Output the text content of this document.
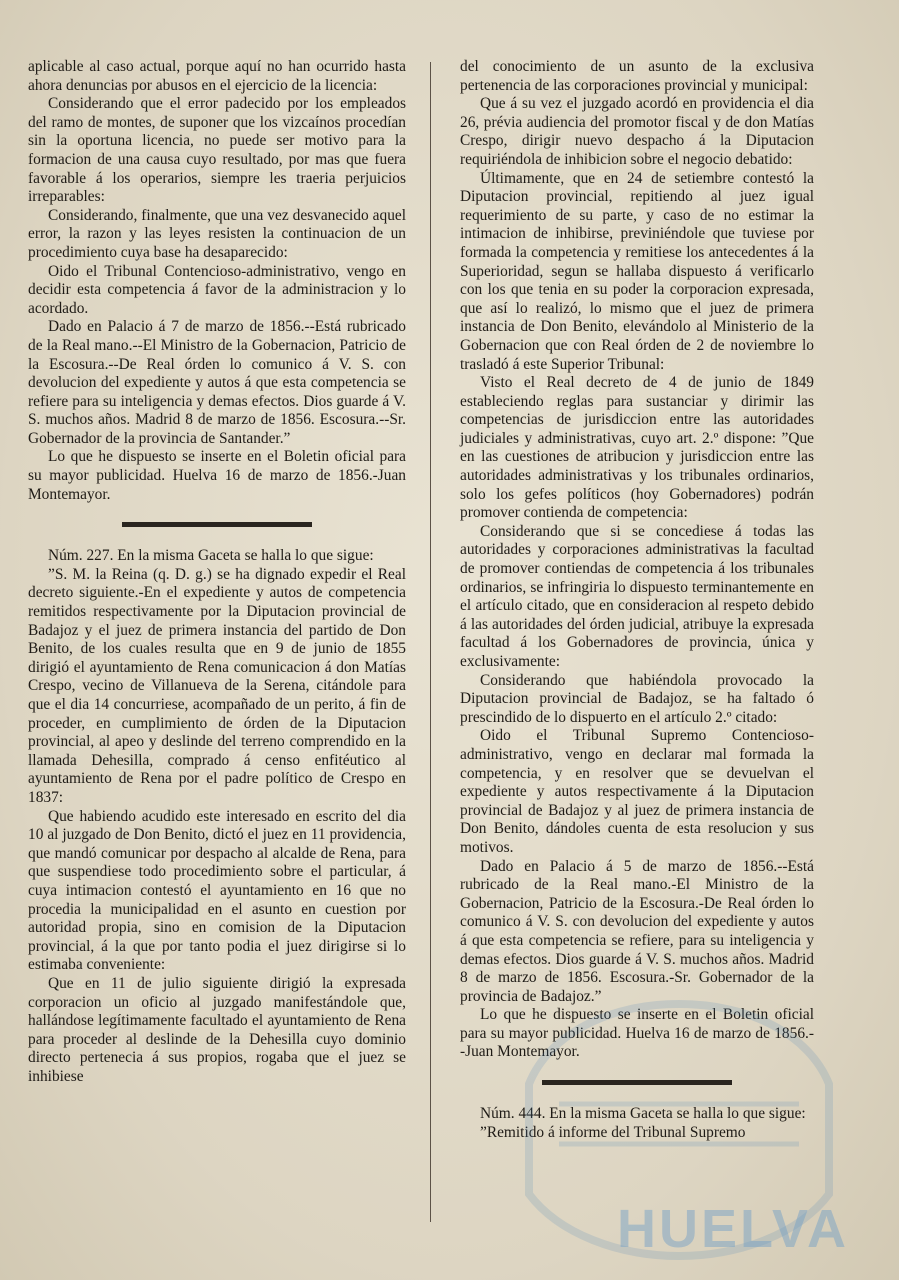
aplicable al caso actual, porque aquí no han ocurrido hasta ahora denuncias por abusos en el ejercicio de la licencia:

Considerando que el error padecido por los empleados del ramo de montes, de suponer que los vizcaínos procedían sin la oportuna licencia, no puede ser motivo para la formacion de una causa cuyo resultado, por mas que fuera favorable á los operarios, siempre les traeria perjuicios irreparables:

Considerando, finalmente, que una vez desvanecido aquel error, la razon y las leyes resisten la continuacion de un procedimiento cuya base ha desaparecido:

Oido el Tribunal Contencioso-administrativo, vengo en decidir esta competencia á favor de la administracion y lo acordado.

Dado en Palacio á 7 de marzo de 1856.--Está rubricado de la Real mano.--El Ministro de la Gobernacion, Patricio de la Escosura.--De Real órden lo comunico á V. S. con devolucion del expediente y autos á que esta competencia se refiere para su inteligencia y demas efectos. Dios guarde á V. S. muchos años. Madrid 8 de marzo de 1856. Escosura.--Sr. Gobernador de la provincia de Santander.”

Lo que he dispuesto se inserte en el Boletin oficial para su mayor publicidad. Huelva 16 de marzo de 1856.-Juan Montemayor.

Núm. 227. En la misma Gaceta se halla lo que sigue:

”S. M. la Reina (q. D. g.) se ha dignado expedir el Real decreto siguiente.-En el expediente y autos de competencia remitidos respectivamente por la Diputacion provincial de Badajoz y el juez de primera instancia del partido de Don Benito, de los cuales resulta que en 9 de junio de 1855 dirigió el ayuntamiento de Rena comunicacion á don Matías Crespo, vecino de Villanueva de la Serena, citándole para que el dia 14 concurriese, acompañado de un perito, á fin de proceder, en cumplimiento de órden de la Diputacion provincial, al apeo y deslinde del terreno comprendido en la llamada Dehesilla, comprado á censo enfitéutico al ayuntamiento de Rena por el padre político de Crespo en 1837:

Que habiendo acudido este interesado en escrito del dia 10 al juzgado de Don Benito, dictó el juez en 11 providencia, que mandó comunicar por despacho al alcalde de Rena, para que suspendiese todo procedimiento sobre el particular, á cuya intimacion contestó el ayuntamiento en 16 que no procedia la municipalidad en el asunto en cuestion por autoridad propia, sino en comision de la Diputacion provincial, á la que por tanto podia el juez dirigirse si lo estimaba conveniente:

Que en 11 de julio siguiente dirigió la expresada corporacion un oficio al juzgado manifestándole que, hallándose legítimamente facultado el ayuntamiento de Rena para proceder al deslinde de la Dehesilla cuyo dominio directo pertenecia á sus propios, rogaba que el juez se inhibiese

del conocimiento de un asunto de la exclusiva pertenencia de las corporaciones provincial y municipal:

Que á su vez el juzgado acordó en providencia el dia 26, prévia audiencia del promotor fiscal y de don Matías Crespo, dirigir nuevo despacho á la Diputacion requiriéndola de inhibicion sobre el negocio debatido:

Últimamente, que en 24 de setiembre contestó la Diputacion provincial, repitiendo al juez igual requerimiento de su parte, y caso de no estimar la intimacion de inhibirse, previniéndole que tuviese por formada la competencia y remitiese los antecedentes á la Superioridad, segun se hallaba dispuesto á verificarlo con los que tenia en su poder la corporacion expresada, que así lo realizó, lo mismo que el juez de primera instancia de Don Benito, elevándolo al Ministerio de la Gobernacion que con Real órden de 2 de noviembre lo trasladó á este Superior Tribunal:

Visto el Real decreto de 4 de junio de 1849 estableciendo reglas para sustanciar y dirimir las competencias de jurisdiccion entre las autoridades judiciales y administrativas, cuyo art. 2.º dispone: ”Que en las cuestiones de atribucion y jurisdiccion entre las autoridades administrativas y los tribunales ordinarios, solo los gefes políticos (hoy Gobernadores) podrán promover contienda de competencia:

Considerando que si se concediese á todas las autoridades y corporaciones administrativas la facultad de promover contiendas de competencia á los tribunales ordinarios, se infringiria lo dispuesto terminantemente en el artículo citado, que en consideracion al respeto debido á las autoridades del órden judicial, atribuye la expresada facultad á los Gobernadores de provincia, única y exclusivamente:

Considerando que habiéndola provocado la Diputacion provincial de Badajoz, se ha faltado ó prescindido de lo dispuerto en el artículo 2.º citado:

Oido el Tribunal Supremo Contencioso-administrativo, vengo en declarar mal formada la competencia, y en resolver que se devuelvan el expediente y autos respectivamente á la Diputacion provincial de Badajoz y al juez de primera instancia de Don Benito, dándoles cuenta de esta resolucion y sus motivos.

Dado en Palacio á 5 de marzo de 1856.--Está rubricado de la Real mano.-El Ministro de la Gobernacion, Patricio de la Escosura.-De Real órden lo comunico á V. S. con devolucion del expediente y autos á que esta competencia se refiere, para su inteligencia y demas efectos. Dios guarde á V. S. muchos años. Madrid 8 de marzo de 1856. Escosura.-Sr. Gobernador de la provincia de Badajoz.”

Lo que he dispuesto se inserte en el Boletin oficial para su mayor publicidad. Huelva 16 de marzo de 1856.--Juan Montemayor.

Núm. 444. En la misma Gaceta se halla lo que sigue:

”Remitido á informe del Tribunal Supremo

HUELVA
